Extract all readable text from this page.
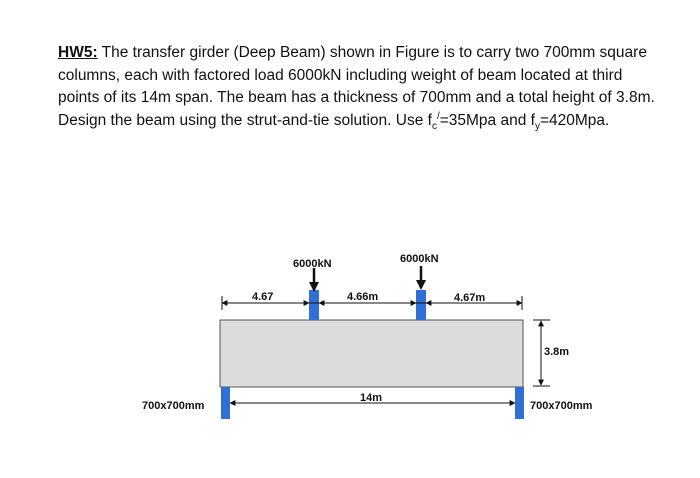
HW5: The transfer girder (Deep Beam) shown in Figure is to carry two 700mm square columns, each with factored load 6000kN including weight of beam located at third points of its 14m span. The beam has a thickness of 700mm and a total height of 3.8m. Design the beam using the strut-and-tie solution. Use $f_c^/=35Mpa$ and $f_y=420Mpa$.
6000kN	6000kN
4.67	4.66m	4.67m
14m
3.8m
700x700mm	700x700mm
